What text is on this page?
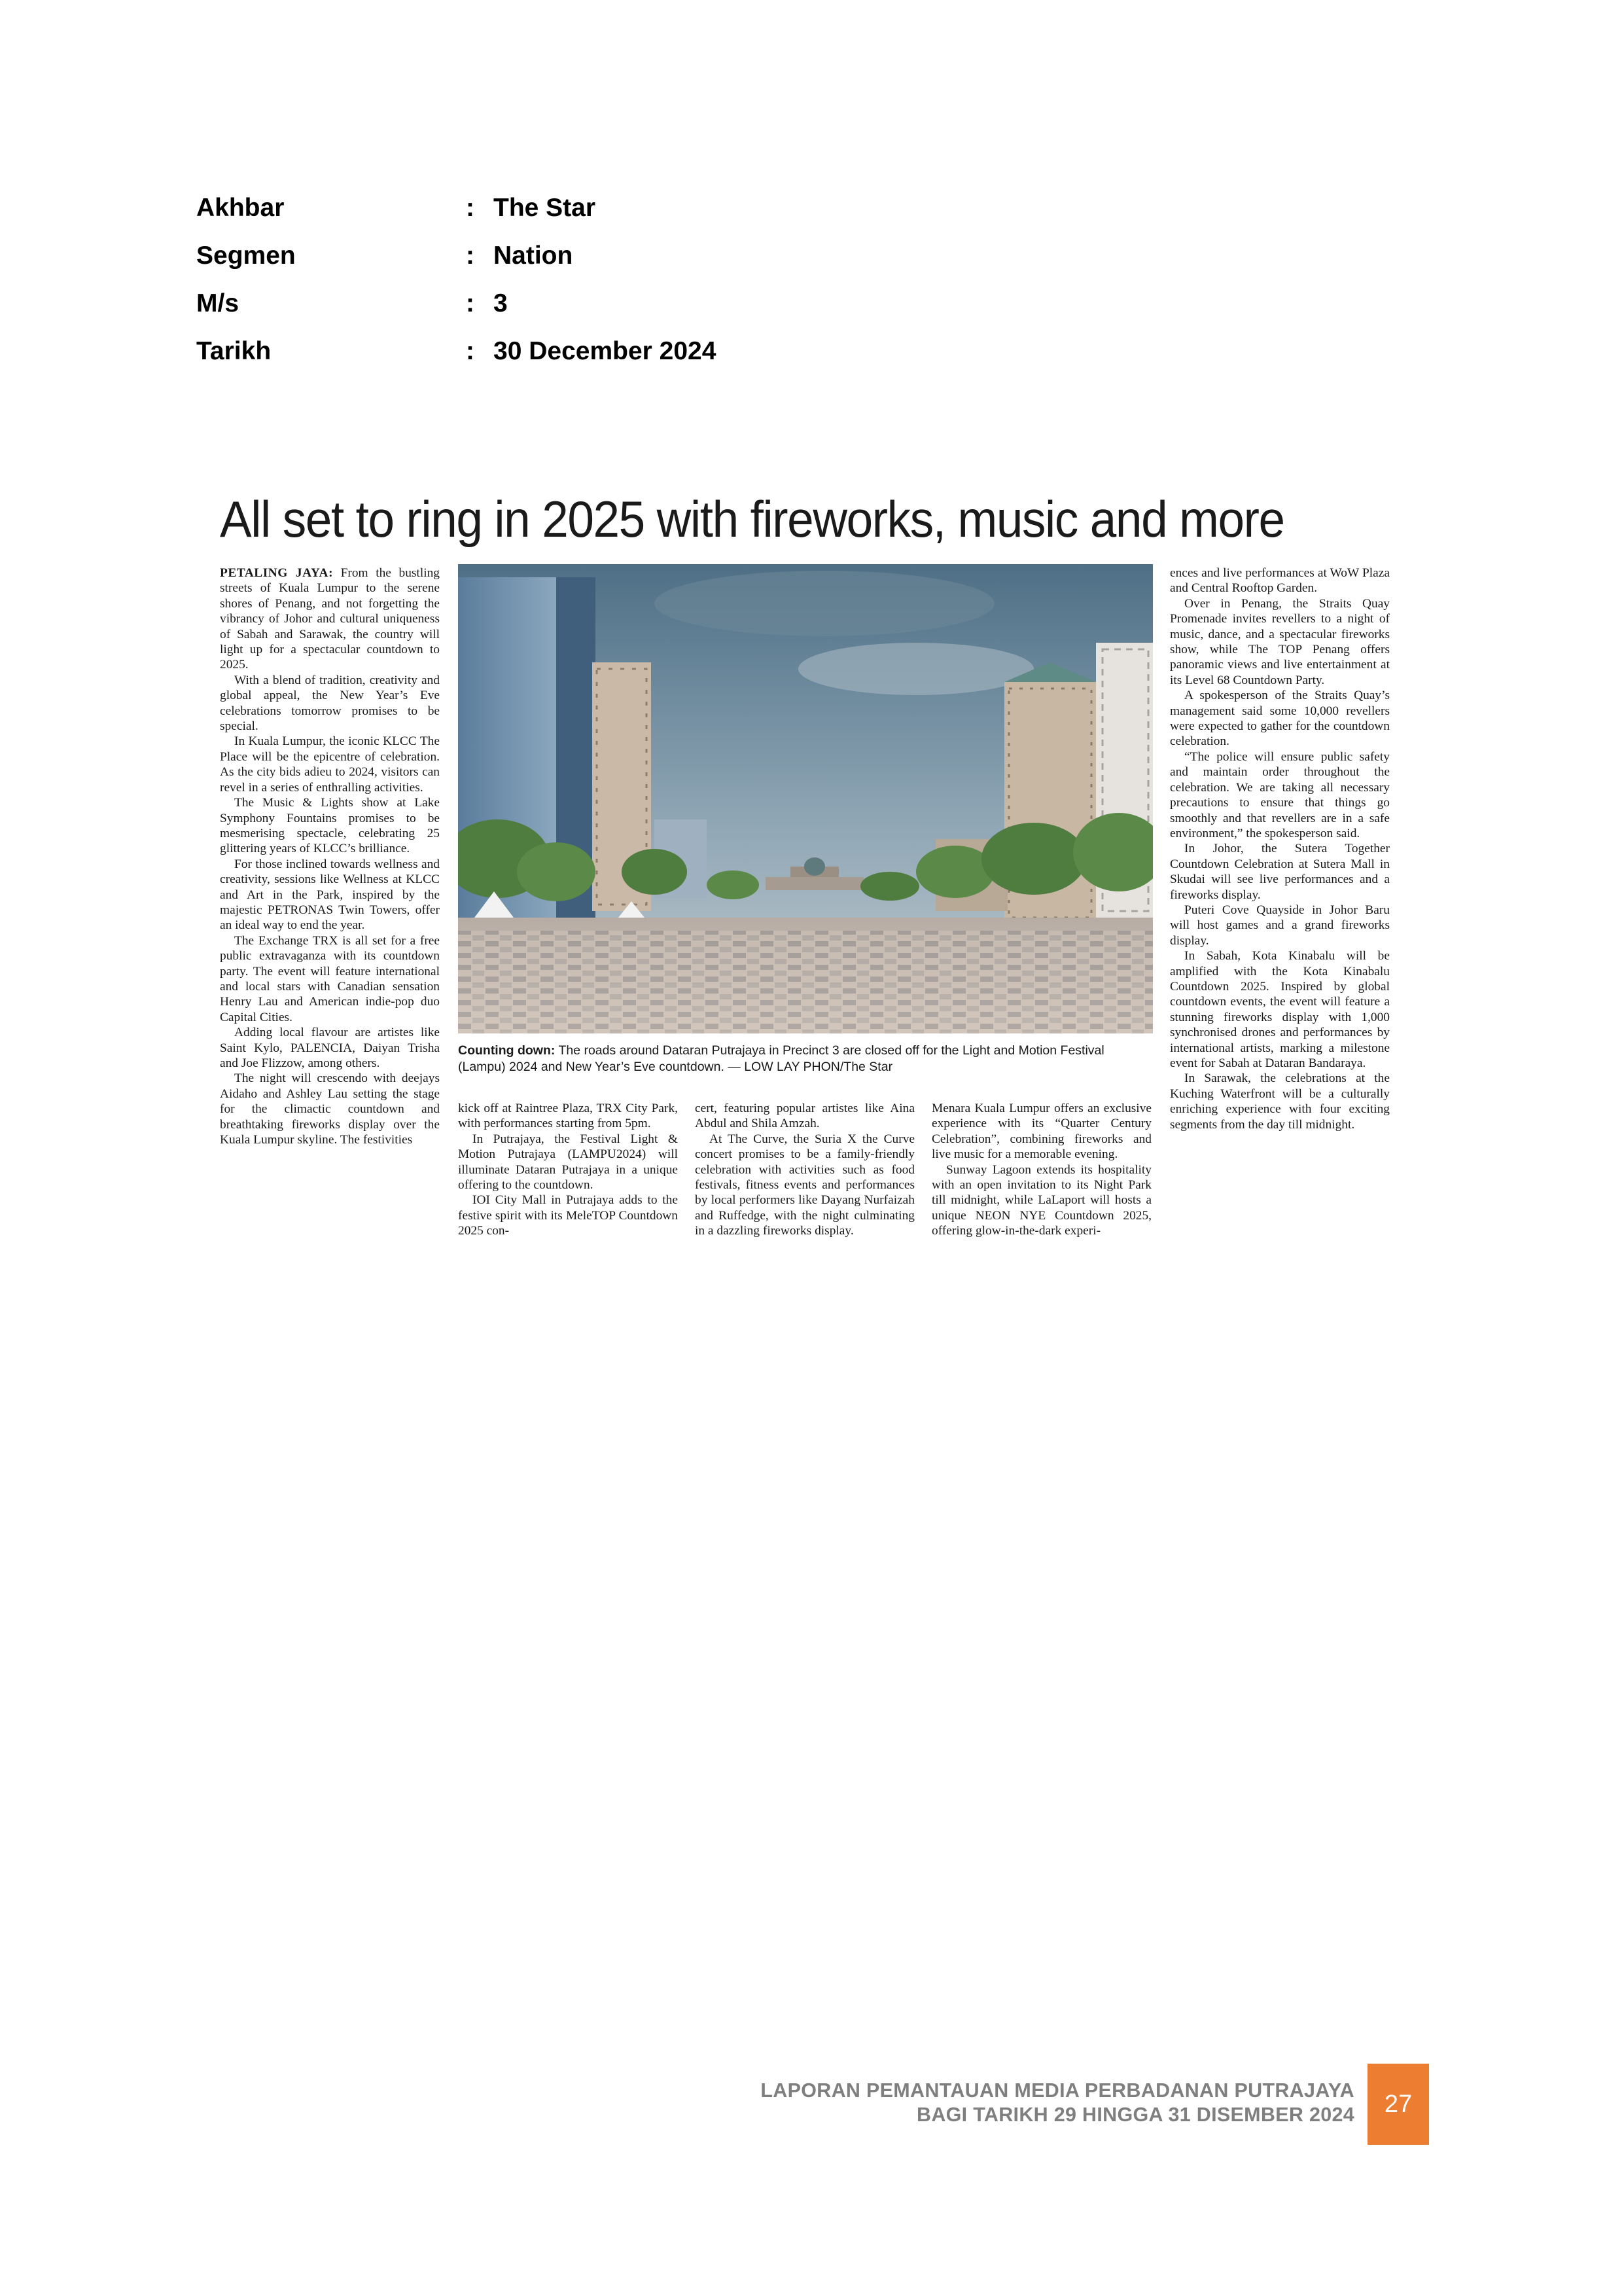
Akhbar	: The Star
Segmen	: Nation
M/s	: 3
Tarikh	: 30 December 2024
All set to ring in 2025 with fireworks, music and more

PETALING JAYA: From the bustling streets of Kuala Lumpur to the serene shores of Penang, and not forgetting the vibrancy of Johor and cultural uniqueness of Sabah and Sarawak, the country will light up for a spectacular countdown to 2025.

With a blend of tradition, creativity and global appeal, the New Year’s Eve celebrations tomorrow promises to be special.

In Kuala Lumpur, the iconic KLCC The Place will be the epicentre of celebration. As the city bids adieu to 2024, visitors can revel in a series of enthralling activities.

The Music & Lights show at Lake Symphony Fountains promises to be mesmerising spectacle, celebrating 25 glittering years of KLCC’s brilliance.

For those inclined towards wellness and creativity, sessions like Wellness at KLCC and Art in the Park, inspired by the majestic PETRONAS Twin Towers, offer an ideal way to end the year.

The Exchange TRX is all set for a free public extravaganza with its countdown party. The event will feature international and local stars with Canadian sensation Henry Lau and American indie-pop duo Capital Cities.

Adding local flavour are artistes like Saint Kylo, PALENCIA, Daiyan Trisha and Joe Flizzow, among others.

The night will crescendo with deejays Aidaho and Ashley Lau setting the stage for the climactic countdown and breathtaking fireworks display over the Kuala Lumpur skyline. The festivities

Counting down: The roads around Dataran Putrajaya in Precinct 3 are closed off for the Light and Motion Festival (Lampu) 2024 and New Year’s Eve countdown. — LOW LAY PHON/The Star

kick off at Raintree Plaza, TRX City Park, with performances starting from 5pm.

In Putrajaya, the Festival Light & Motion Putrajaya (LAMPU2024) will illuminate Dataran Putrajaya in a unique offering to the countdown.

IOI City Mall in Putrajaya adds to the festive spirit with its MeleTOP Countdown 2025 con-

cert, featuring popular artistes like Aina Abdul and Shila Amzah.

At The Curve, the Suria X the Curve concert promises to be a family-friendly celebration with activities such as food festivals, fitness events and performances by local performers like Dayang Nurfaizah and Ruffedge, with the night culminating in a dazzling fireworks display.

Menara Kuala Lumpur offers an exclusive experience with its “Quarter Century Celebration”, combining fireworks and live music for a memorable evening.

Sunway Lagoon extends its hospitality with an open invitation to its Night Park till midnight, while LaLaport will hosts a unique NEON NYE Countdown 2025, offering glow-in-the-dark experi-

ences and live performances at WoW Plaza and Central Rooftop Garden.

Over in Penang, the Straits Quay Promenade invites revellers to a night of music, dance, and a spectacular fireworks show, while The TOP Penang offers panoramic views and live entertainment at its Level 68 Countdown Party.

A spokesperson of the Straits Quay’s management said some 10,000 revellers were expected to gather for the countdown celebration.

“The police will ensure public safety and maintain order throughout the celebration. We are taking all necessary precautions to ensure that things go smoothly and that revellers are in a safe environment,” the spokesperson said.

In Johor, the Sutera Together Countdown Celebration at Sutera Mall in Skudai will see live performances and a fireworks display.

Puteri Cove Quayside in Johor Baru will host games and a grand fireworks display.

In Sabah, Kota Kinabalu will be amplified with the Kota Kinabalu Countdown 2025. Inspired by global countdown events, the event will feature a stunning fireworks display with 1,000 synchronised drones and performances by international artists, marking a milestone event for Sabah at Dataran Bandaraya.

In Sarawak, the celebrations at the Kuching Waterfront will be a culturally enriching experience with four exciting segments from the day till midnight.

LAPORAN PEMANTAUAN MEDIA PERBADANAN PUTRAJAYA
BAGI TARIKH 29 HINGGA 31 DISEMBER 2024	27
